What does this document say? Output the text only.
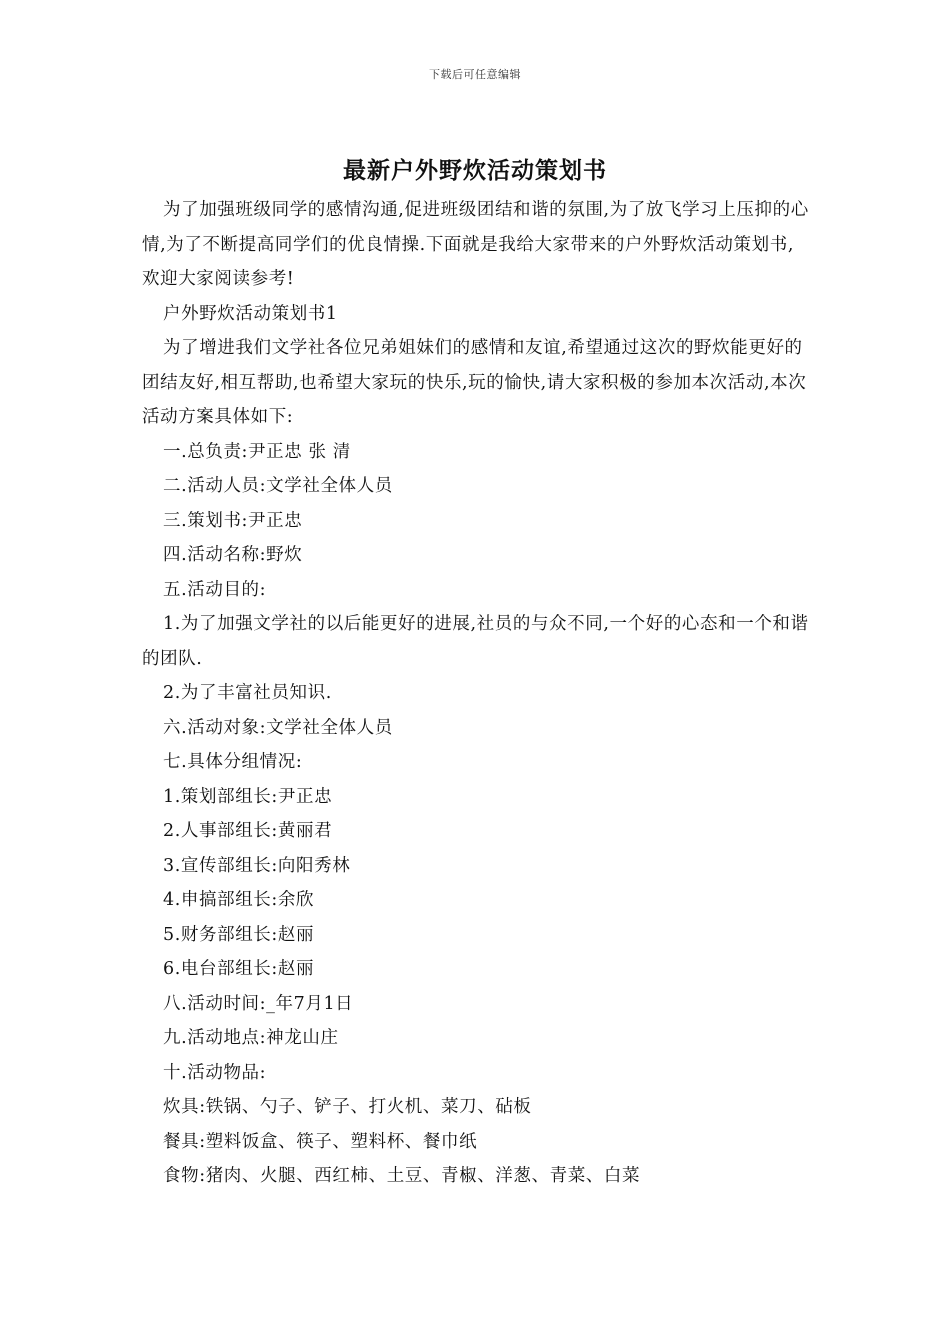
下载后可任意编辑
最新户外野炊活动策划书

为了加强班级同学的感情沟通,促进班级团结和谐的氛围,为了放飞学习上压抑的心情,为了不断提高同学们的优良情操.下面就是我给大家带来的户外野炊活动策划书,欢迎大家阅读参考!

户外野炊活动策划书1

为了增进我们文学社各位兄弟姐妹们的感情和友谊,希望通过这次的野炊能更好的团结友好,相互帮助,也希望大家玩的快乐,玩的愉快,请大家积极的参加本次活动,本次活动方案具体如下:

一.总负责:尹正忠 张 清

二.活动人员:文学社全体人员

三.策划书:尹正忠

四.活动名称:野炊

五.活动目的:

1.为了加强文学社的以后能更好的进展,社员的与众不同,一个好的心态和一个和谐的团队.

2.为了丰富社员知识.

六.活动对象:文学社全体人员

七.具体分组情况:

1.策划部组长:尹正忠

2.人事部组长:黄丽君

3.宣传部组长:向阳秀林

4.申搞部组长:余欣

5.财务部组长:赵丽

6.电台部组长:赵丽

八.活动时间:_年7月1日

九.活动地点:神龙山庄

十.活动物品:

炊具:铁锅、勺子、铲子、打火机、菜刀、砧板

餐具:塑料饭盒、筷子、塑料杯、餐巾纸

食物:猪肉、火腿、西红柿、土豆、青椒、洋葱、青菜、白菜
